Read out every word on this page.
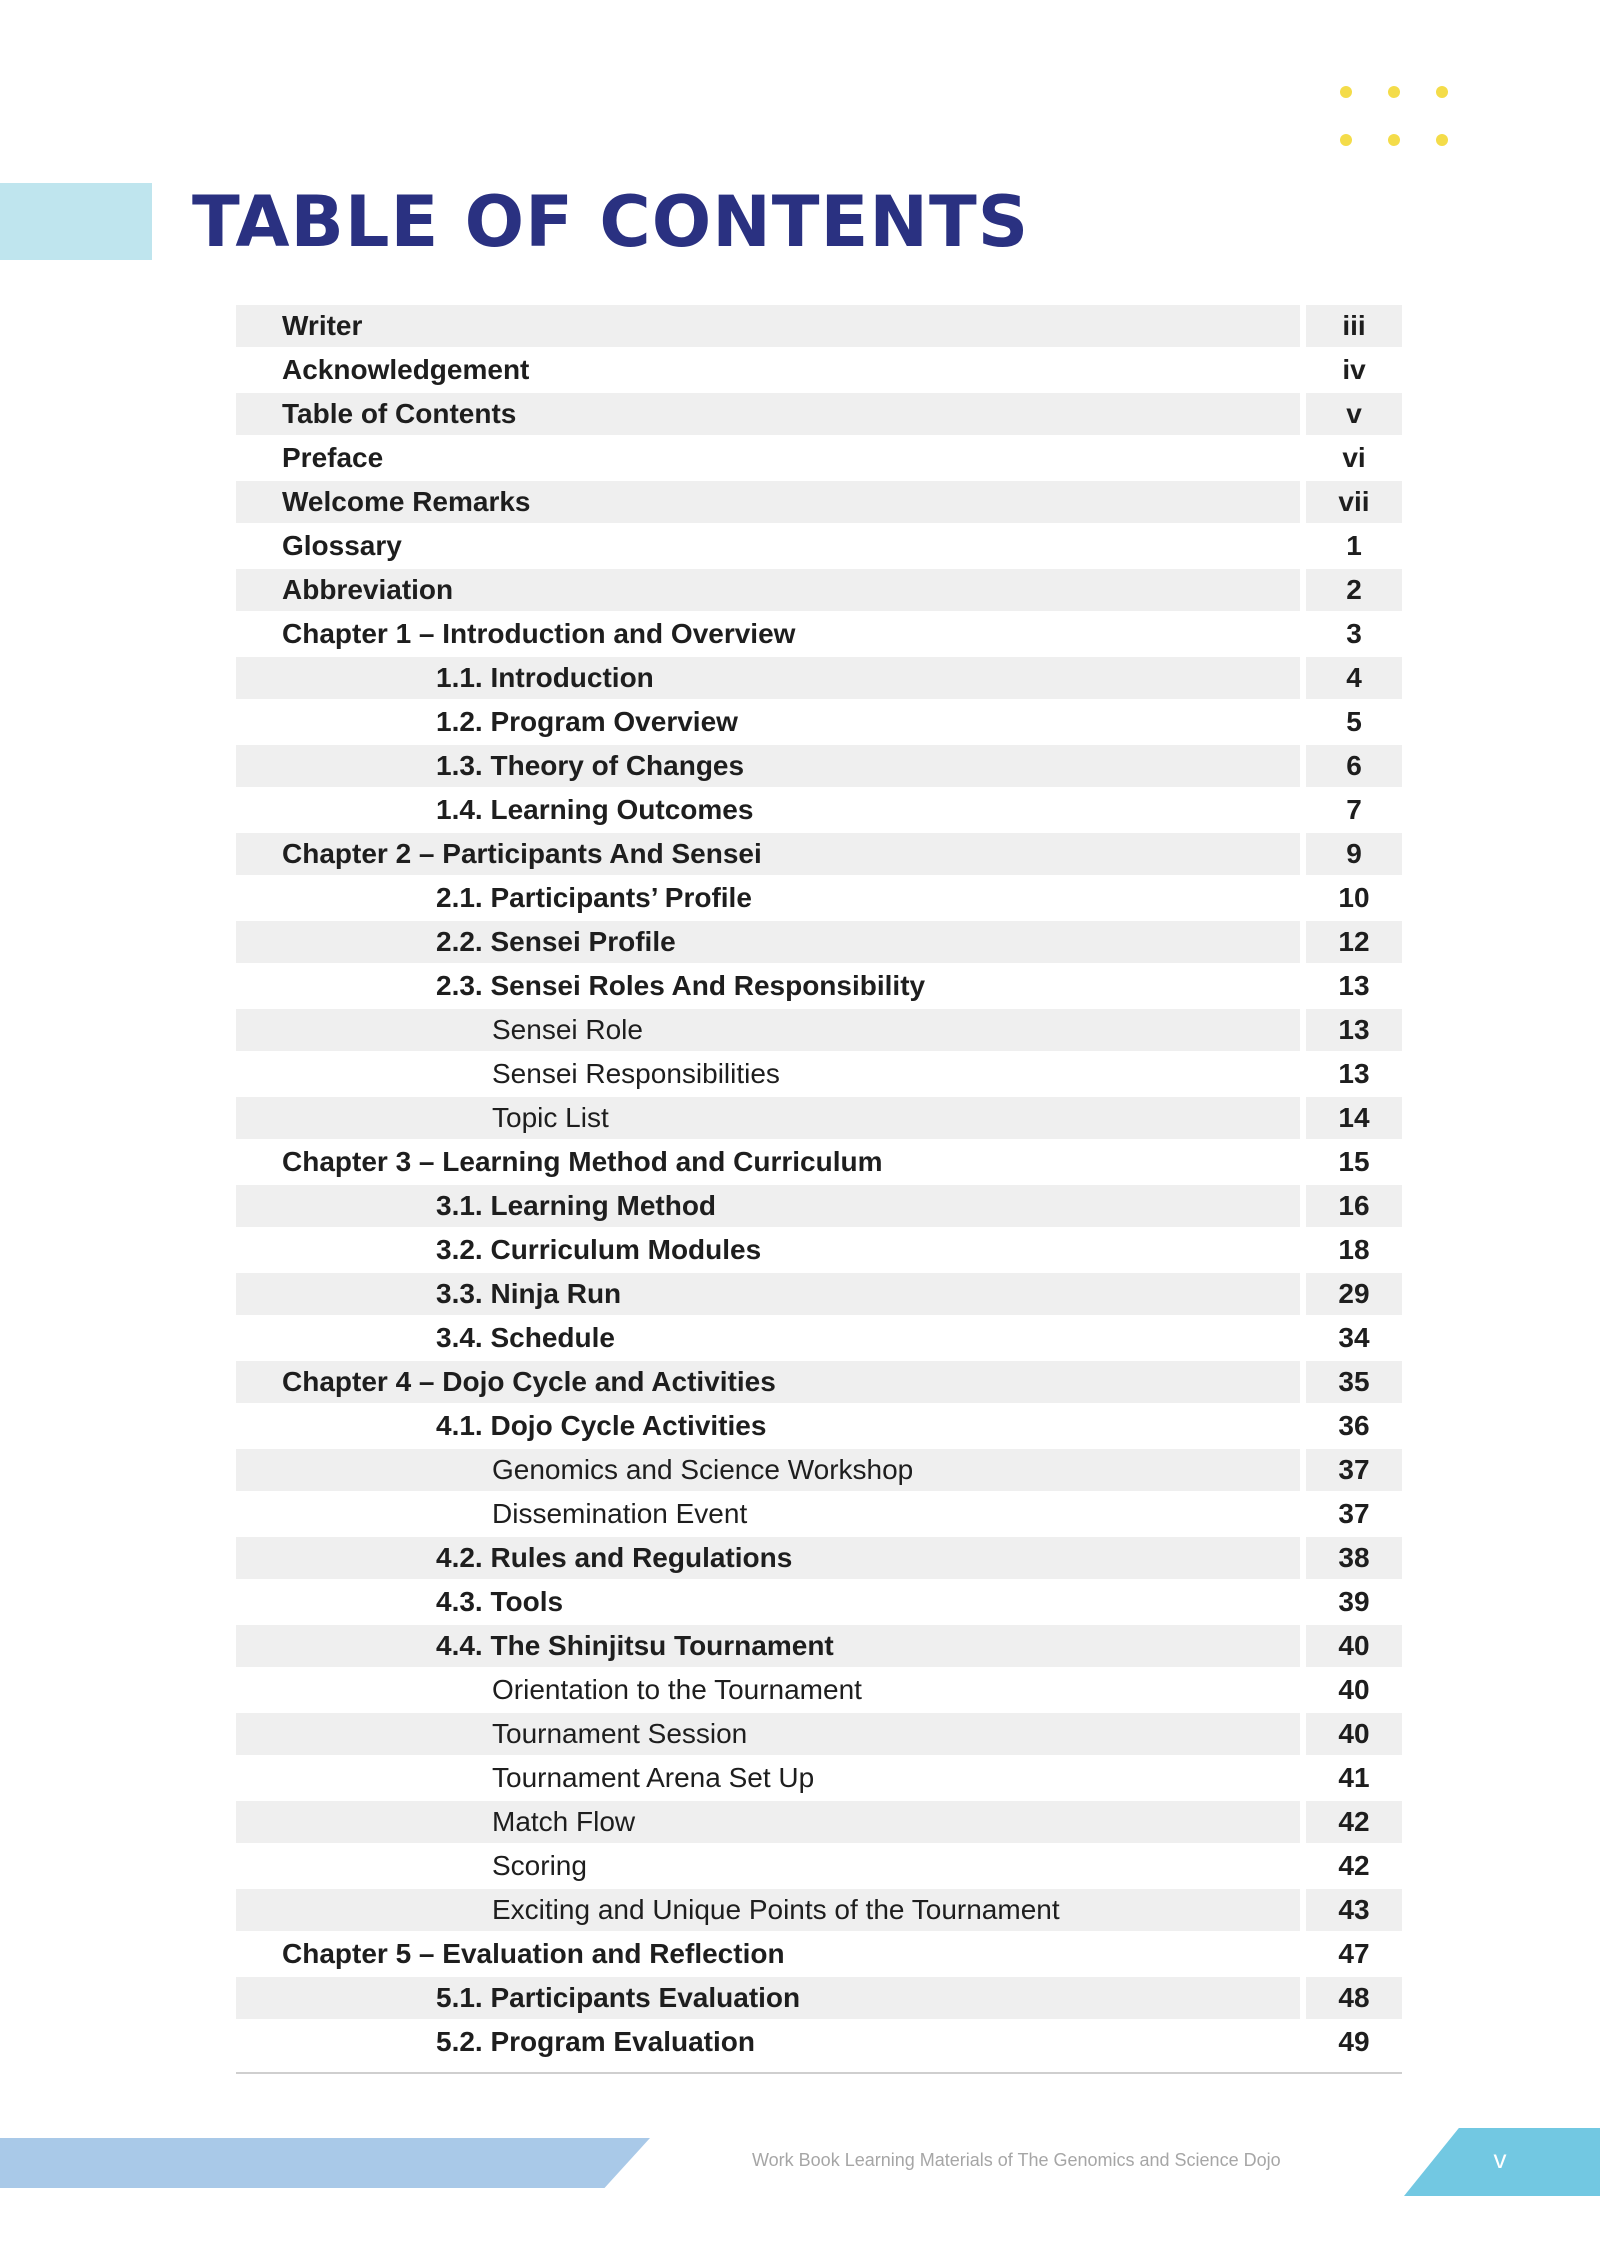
TABLE OF CONTENTS
Writer	iii
Acknowledgement	iv
Table of Contents	v
Preface	vi
Welcome Remarks	vii
Glossary	1
Abbreviation	2
Chapter 1 – Introduction and Overview	3
1.1. Introduction	4
1.2. Program Overview	5
1.3. Theory of Changes	6
1.4. Learning Outcomes	7
Chapter 2 – Participants And Sensei	9
2.1. Participants’ Profile	10
2.2. Sensei Profile	12
2.3. Sensei Roles And Responsibility	13
Sensei Role	13
Sensei Responsibilities	13
Topic List	14
Chapter 3 – Learning Method and Curriculum	15
3.1. Learning Method	16
3.2. Curriculum Modules	18
3.3. Ninja Run	29
3.4. Schedule	34
Chapter 4 – Dojo Cycle and Activities	35
4.1. Dojo Cycle Activities	36
Genomics and Science Workshop	37
Dissemination Event	37
4.2. Rules and Regulations	38
4.3. Tools	39
4.4. The Shinjitsu Tournament	40
Orientation to the Tournament	40
Tournament Session	40
Tournament Arena Set Up	41
Match Flow	42
Scoring	42
Exciting and Unique Points of the Tournament	43
Chapter 5 – Evaluation and Reflection	47
5.1. Participants Evaluation	48
5.2. Program Evaluation	49
Work Book Learning Materials of The Genomics and Science Dojo	v
